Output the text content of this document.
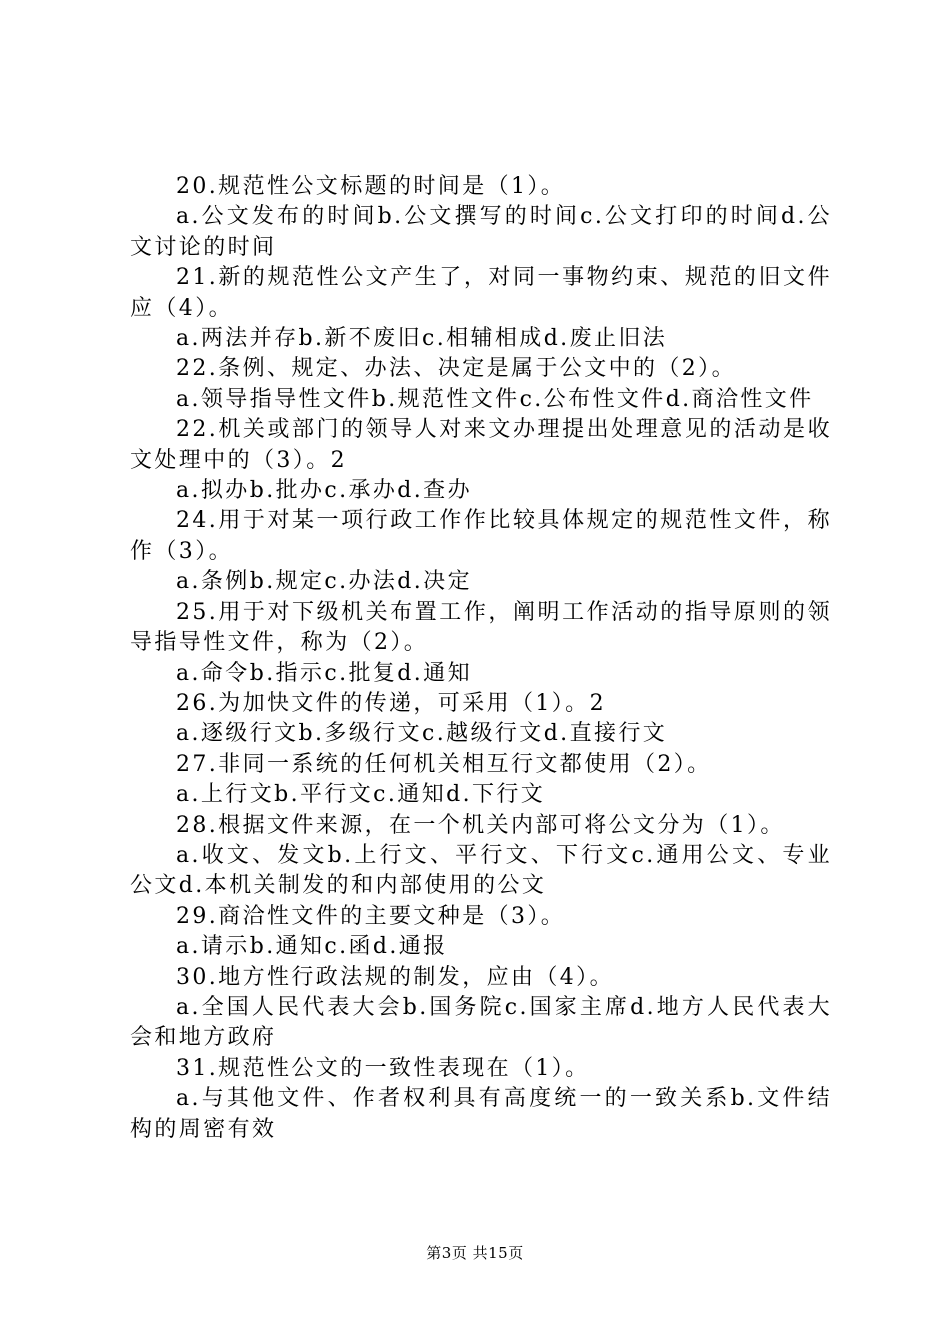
20.规范性公文标题的时间是（1）。

a.公文发布的时间b.公文撰写的时间c.公文打印的时间d.公文讨论的时间

21.新的规范性公文产生了，对同一事物约束、规范的旧文件应（4）。

a.两法并存b.新不废旧c.相辅相成d.废止旧法

22.条例、规定、办法、决定是属于公文中的（2）。

a.领导指导性文件b.规范性文件c.公布性文件d.商洽性文件

22.机关或部门的领导人对来文办理提出处理意见的活动是收文处理中的（3）。2

a.拟办b.批办c.承办d.查办

24.用于对某一项行政工作作比较具体规定的规范性文件，称作（3）。

a.条例b.规定c.办法d.决定

25.用于对下级机关布置工作，阐明工作活动的指导原则的领导指导性文件，称为（2）。

a.命令b.指示c.批复d.通知

26.为加快文件的传递，可采用（1）。2

a.逐级行文b.多级行文c.越级行文d.直接行文

27.非同一系统的任何机关相互行文都使用（2）。

a.上行文b.平行文c.通知d.下行文

28.根据文件来源，在一个机关内部可将公文分为（1）。

a.收文、发文b.上行文、平行文、下行文c.通用公文、专业公文d.本机关制发的和内部使用的公文

29.商洽性文件的主要文种是（3）。

a.请示b.通知c.函d.通报

30.地方性行政法规的制发，应由（4）。

a.全国人民代表大会b.国务院c.国家主席d.地方人民代表大会和地方政府

31.规范性公文的一致性表现在（1）。

a.与其他文件、作者权利具有高度统一的一致关系b.文件结构的周密有效

第3页 共15页
